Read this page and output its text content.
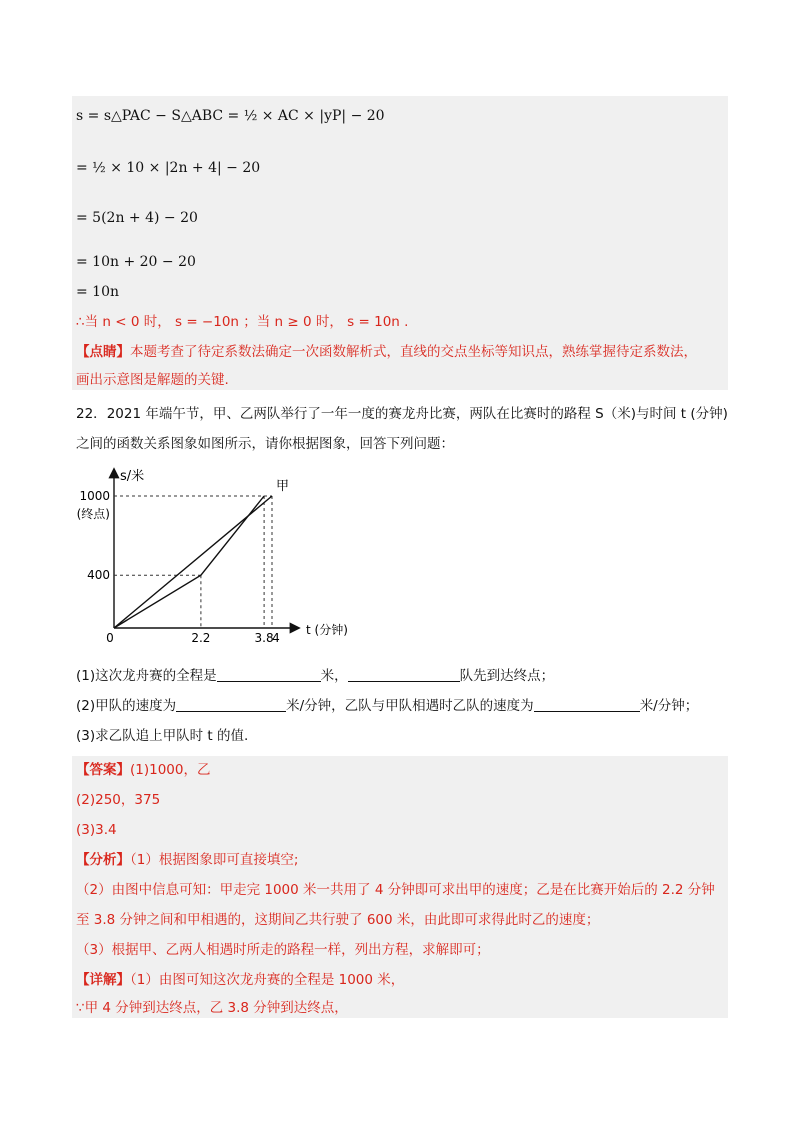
s = s△PAC − S△ABC = ½ × AC × |yP| − 20
= ½ × 10 × |2n + 4| − 20
= 5(2n + 4) − 20
= 10n + 20 − 20
= 10n
∴当 n < 0 时， s = −10n ；当 n ≥ 0 时， s = 10n .
【点睛】本题考查了待定系数法确定一次函数解析式，直线的交点坐标等知识点，熟练掌握待定系数法，
画出示意图是解题的关键.
22．2021 年端午节，甲、乙两队举行了一年一度的赛龙舟比赛，两队在比赛时的路程 S（米)与时间 t (分钟)
之间的函数关系图象如图所示，请你根据图象，回答下列问题：
s/米
t (分钟)
0	2.2	3.8
4
400
1000
(终点)
甲
(1)这次龙舟赛的全程是	米，	队先到达终点；
(2)甲队的速度为	米/分钟，乙队与甲队相遇时乙队的速度为	米/分钟；
(3)求乙队追上甲队时 t 的值.
【答案】(1)1000，乙
(2)250，375
(3)3.4
【分析】（1）根据图象即可直接填空;
（2）由图中信息可知：甲走完 1000 米一共用了 4 分钟即可求出甲的速度；乙是在比赛开始后的 2.2 分钟
至 3.8 分钟之间和甲相遇的，这期间乙共行驶了 600 米，由此即可求得此时乙的速度；
（3）根据甲、乙两人相遇时所走的路程一样，列出方程，求解即可；
【详解】（1）由图可知这次龙舟赛的全程是 1000 米，
∵甲 4 分钟到达终点，乙 3.8 分钟到达终点，
